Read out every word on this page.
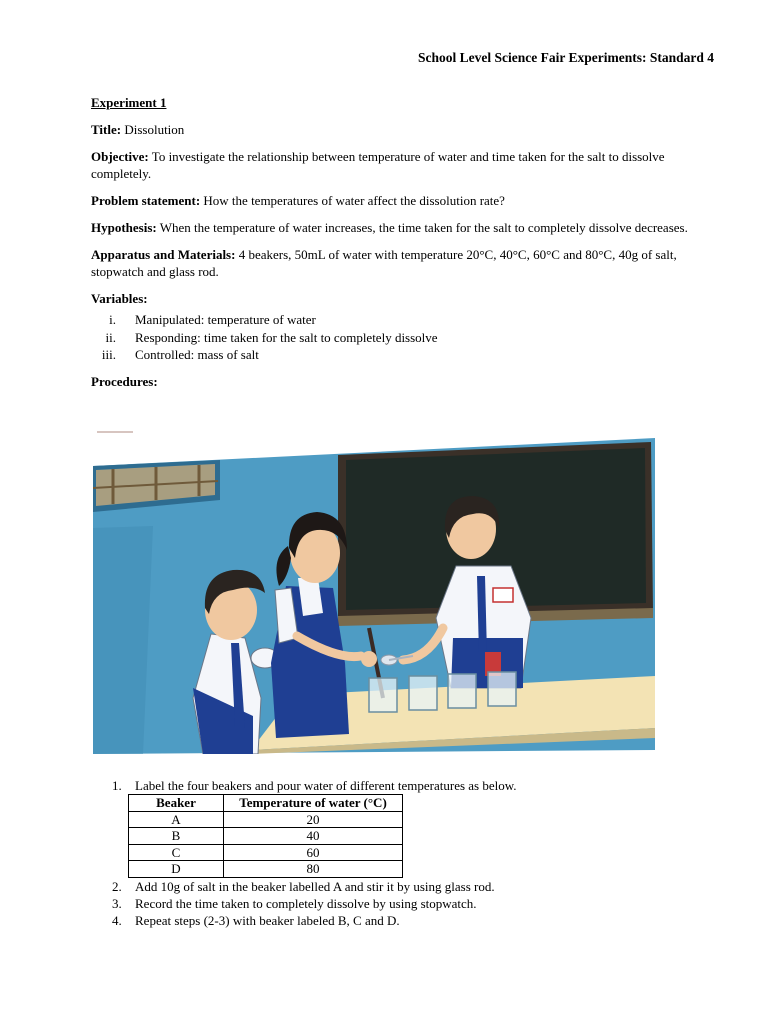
School Level Science Fair Experiments: Standard 4
Experiment 1

Title: Dissolution

Objective: To investigate the relationship between temperature of water and time taken for the salt to dissolve completely.

Problem statement: How the temperatures of water affect the dissolution rate?

Hypothesis: When the temperature of water increases, the time taken for the salt to completely dissolve decreases.

Apparatus and Materials: 4 beakers, 50mL of water with temperature 20°C, 40°C, 60°C and 80°C, 40g of salt, stopwatch and glass rod.

Variables:

i. Manipulated: temperature of water
ii. Responding: time taken for the salt to completely dissolve
iii. Controlled: mass of salt

Procedures:

1. Label the four beakers and pour water of different temperatures as below.
Beaker	Temperature of water (°C)
A	20
B	40
C	60
D	80
2. Add 10g of salt in the beaker labelled A and stir it by using glass rod.
3. Record the time taken to completely dissolve by using stopwatch.
4. Repeat steps (2-3) with beaker labeled B, C and D.
